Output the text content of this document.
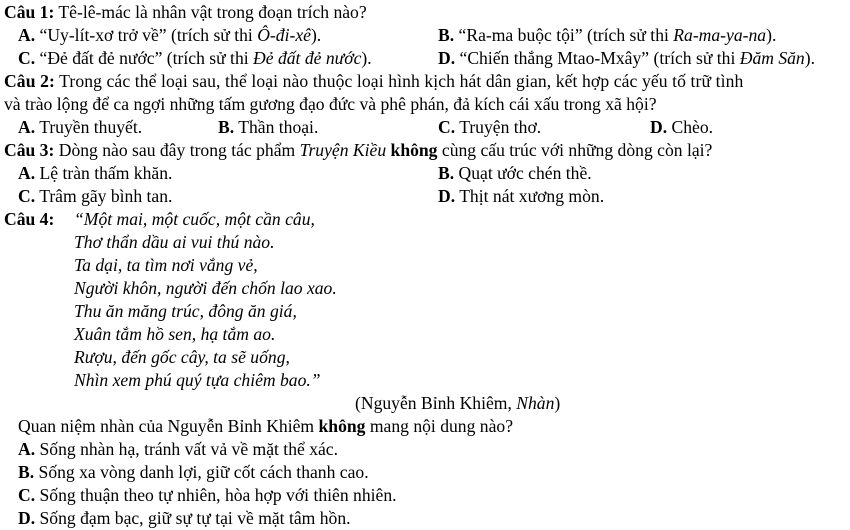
Câu 1: Tê-lê-mác là nhân vật trong đoạn trích nào?
A. “Uy-lít-xơ trở về” (trích sử thi Ô-đi-xê).	B. “Ra-ma buộc tội” (trích sử thi Ra-ma-ya-na).
C. “Đẻ đất đẻ nước” (trích sử thi Đẻ đất đẻ nước).	D. “Chiến thắng Mtao-Mxây” (trích sử thi Đăm Săn).
Câu 2: Trong các thể loại sau, thể loại nào thuộc loại hình kịch hát dân gian, kết hợp các yếu tố trữ tình
và trào lộng để ca ngợi những tấm gương đạo đức và phê phán, đả kích cái xấu trong xã hội?
A. Truyền thuyết.	B. Thần thoại.	C. Truyện thơ.	D. Chèo.
Câu 3: Dòng nào sau đây trong tác phẩm Truyện Kiều không cùng cấu trúc với những dòng còn lại?
A. Lệ tràn thấm khăn.	B. Quạt ước chén thề.
C. Trâm gãy bình tan.	D. Thịt nát xương mòn.
Câu 4: “Một mai, một cuốc, một cần câu,
Thơ thẩn dầu ai vui thú nào.
Ta dại, ta tìm nơi vắng vẻ,
Người khôn, người đến chốn lao xao.
Thu ăn măng trúc, đông ăn giá,
Xuân tắm hồ sen, hạ tắm ao.
Rượu, đến gốc cây, ta sẽ uống,
Nhìn xem phú quý tựa chiêm bao.”
(Nguyễn Bỉnh Khiêm, Nhàn)
Quan niệm nhàn của Nguyễn Bỉnh Khiêm không mang nội dung nào?
A. Sống nhàn hạ, tránh vất vả về mặt thể xác.
B. Sống xa vòng danh lợi, giữ cốt cách thanh cao.
C. Sống thuận theo tự nhiên, hòa hợp với thiên nhiên.
D. Sống đạm bạc, giữ sự tự tại về mặt tâm hồn.
